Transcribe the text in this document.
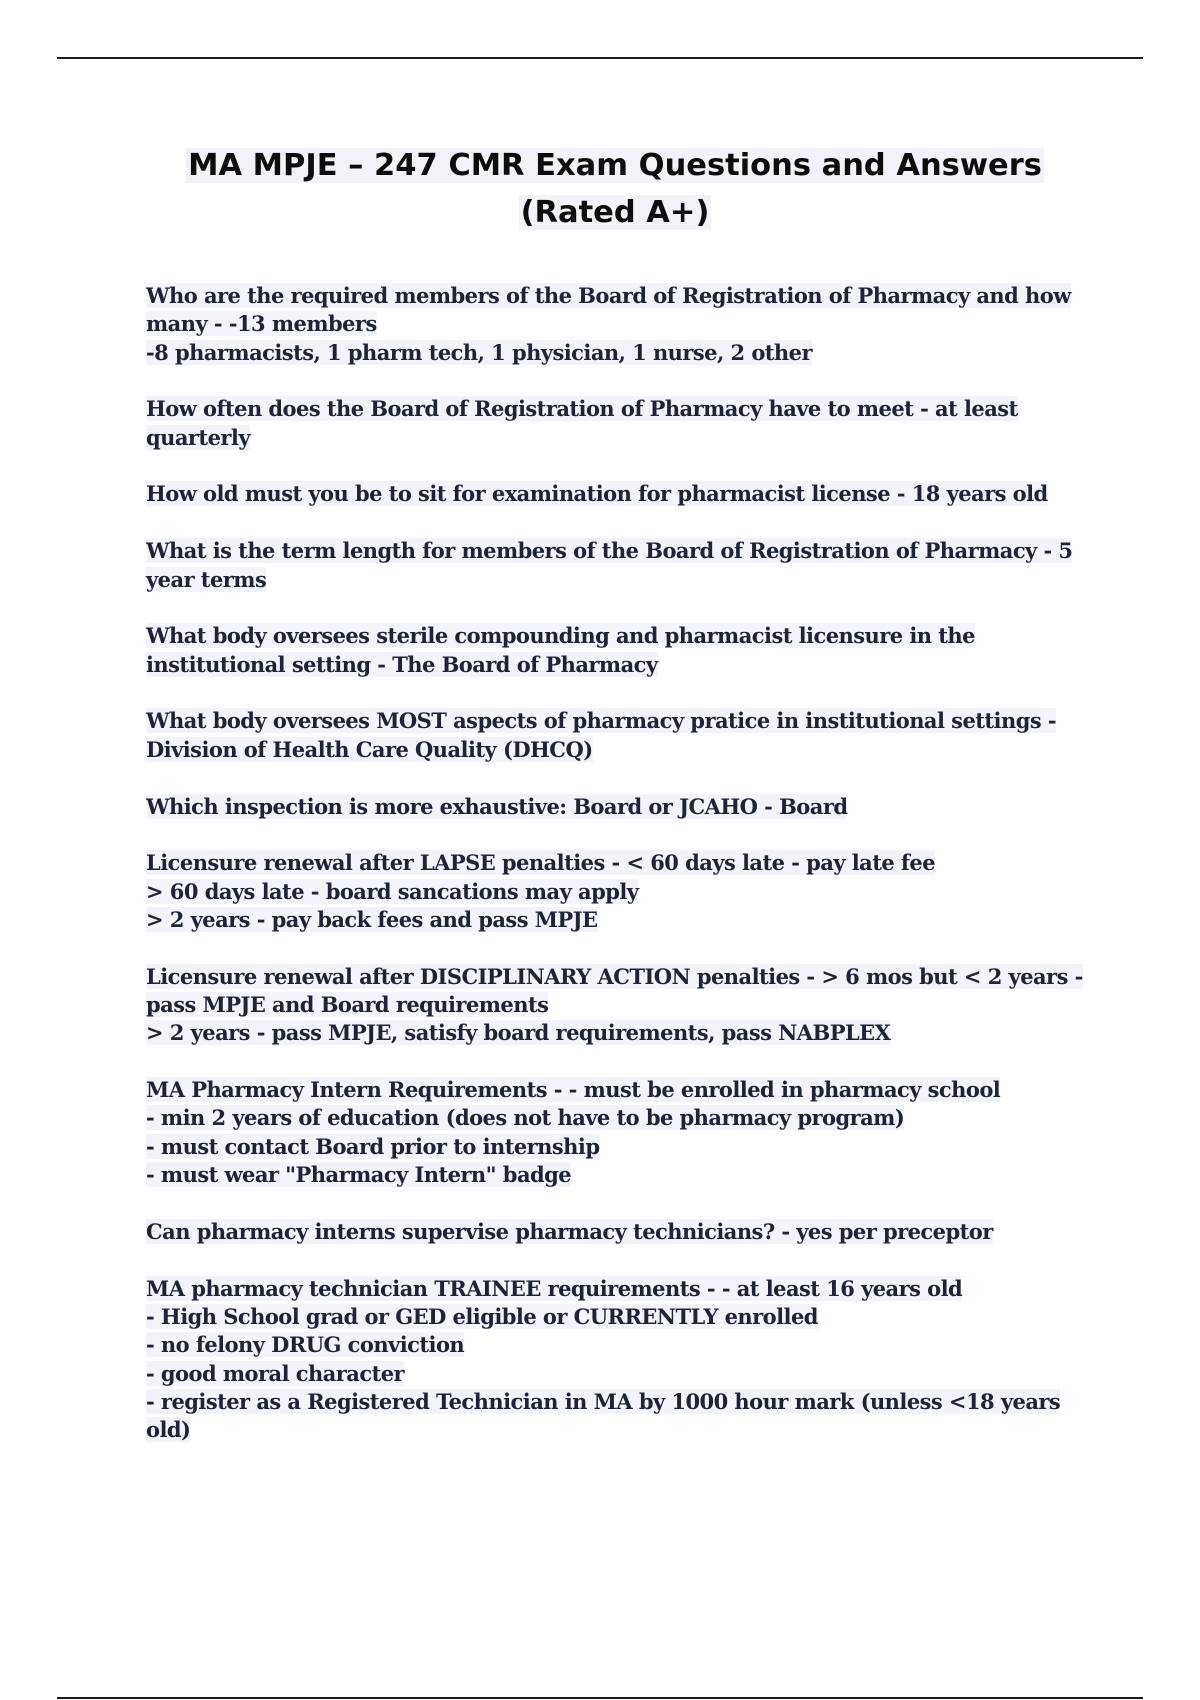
MA MPJE – 247 CMR Exam Questions and Answers
(Rated A+)
Who are the required members of the Board of Registration of Pharmacy and how
many - -13 members
-8 pharmacists, 1 pharm tech, 1 physician, 1 nurse, 2 other
How often does the Board of Registration of Pharmacy have to meet - at least
quarterly
How old must you be to sit for examination for pharmacist license - 18 years old
What is the term length for members of the Board of Registration of Pharmacy - 5
year terms
What body oversees sterile compounding and pharmacist licensure in the
institutional setting - The Board of Pharmacy
What body oversees MOST aspects of pharmacy pratice in institutional settings -
Division of Health Care Quality (DHCQ)
Which inspection is more exhaustive: Board or JCAHO - Board
Licensure renewal after LAPSE penalties - < 60 days late - pay late fee
> 60 days late - board sancations may apply
> 2 years - pay back fees and pass MPJE
Licensure renewal after DISCIPLINARY ACTION penalties - > 6 mos but < 2 years -
pass MPJE and Board requirements
> 2 years - pass MPJE, satisfy board requirements, pass NABPLEX
MA Pharmacy Intern Requirements - - must be enrolled in pharmacy school
- min 2 years of education (does not have to be pharmacy program)
- must contact Board prior to internship
- must wear "Pharmacy Intern" badge
Can pharmacy interns supervise pharmacy technicians? - yes per preceptor
MA pharmacy technician TRAINEE requirements - - at least 16 years old
- High School grad or GED eligible or CURRENTLY enrolled
- no felony DRUG conviction
- good moral character
- register as a Registered Technician in MA by 1000 hour mark (unless <18 years
old)
